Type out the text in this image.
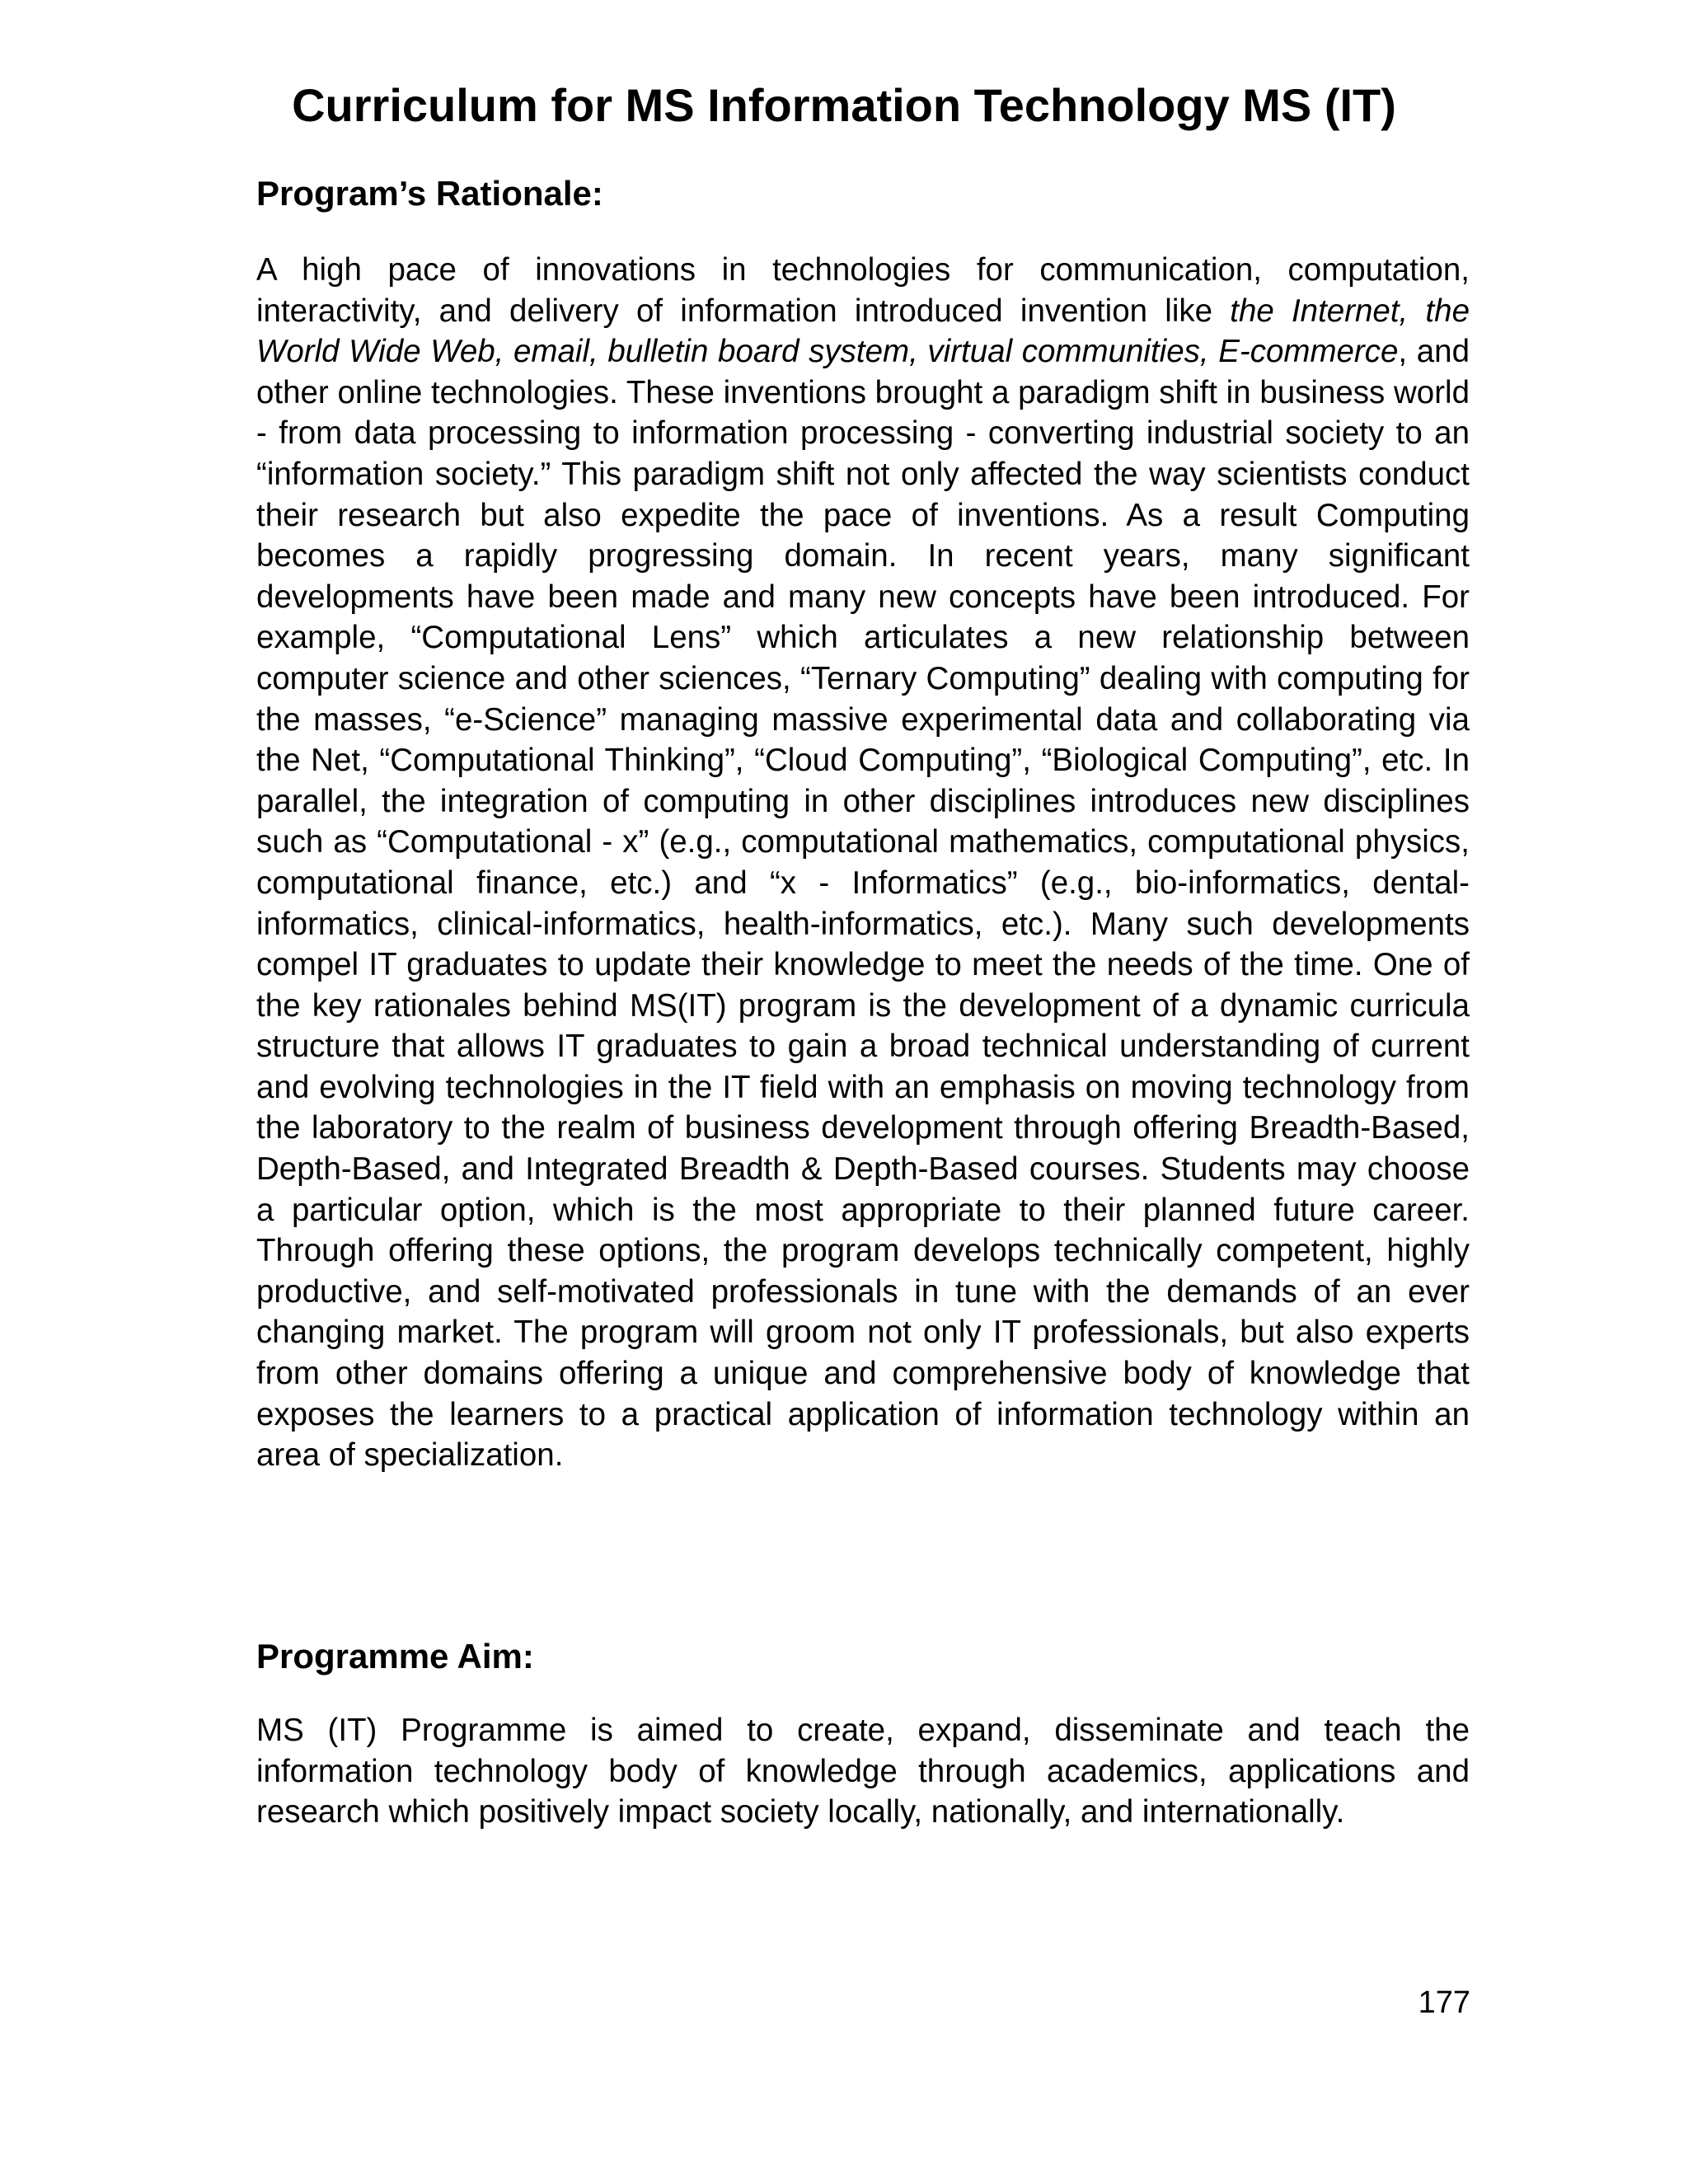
Curriculum for MS Information Technology MS (IT)
Program’s Rationale:

A high pace of innovations in technologies for communication, computation, interactivity, and delivery of information introduced invention like the Internet, the World Wide Web, email, bulletin board system, virtual communities, E-commerce, and other online technologies. These inventions brought a paradigm shift in business world - from data processing to information processing - converting industrial society to an “information society.” This paradigm shift not only affected the way scientists conduct their research but also expedite the pace of inventions. As a result Computing becomes a rapidly progressing domain. In recent years, many significant developments have been made and many new concepts have been introduced. For example, “Computational Lens” which articulates a new relationship between computer science and other sciences, “Ternary Computing” dealing with computing for the masses, “e-Science” managing massive experimental data and collaborating via the Net, “Computational Thinking”, “Cloud Computing”, “Biological Computing”, etc. In parallel, the integration of computing in other disciplines introduces new disciplines such as “Computational - x” (e.g., computational mathematics, computational physics, computational finance, etc.) and “x - Informatics” (e.g., bio-informatics, dental-informatics, clinical-informatics, health-informatics, etc.). Many such developments compel IT graduates to update their knowledge to meet the needs of the time. One of the key rationales behind MS(IT) program is the development of a dynamic curricula structure that allows IT graduates to gain a broad technical understanding of current and evolving technologies in the IT field with an emphasis on moving technology from the laboratory to the realm of business development through offering Breadth-Based, Depth-Based, and Integrated Breadth & Depth-Based courses. Students may choose a particular option, which is the most appropriate to their planned future career. Through offering these options, the program develops technically competent, highly productive, and self-motivated professionals in tune with the demands of an ever changing market. The program will groom not only IT professionals, but also experts from other domains offering a unique and comprehensive body of knowledge that exposes the learners to a practical application of information technology within an area of specialization.

Programme Aim:

MS (IT) Programme is aimed to create, expand, disseminate and teach the information technology body of knowledge through academics, applications and research which positively impact society locally, nationally, and internationally.

177
